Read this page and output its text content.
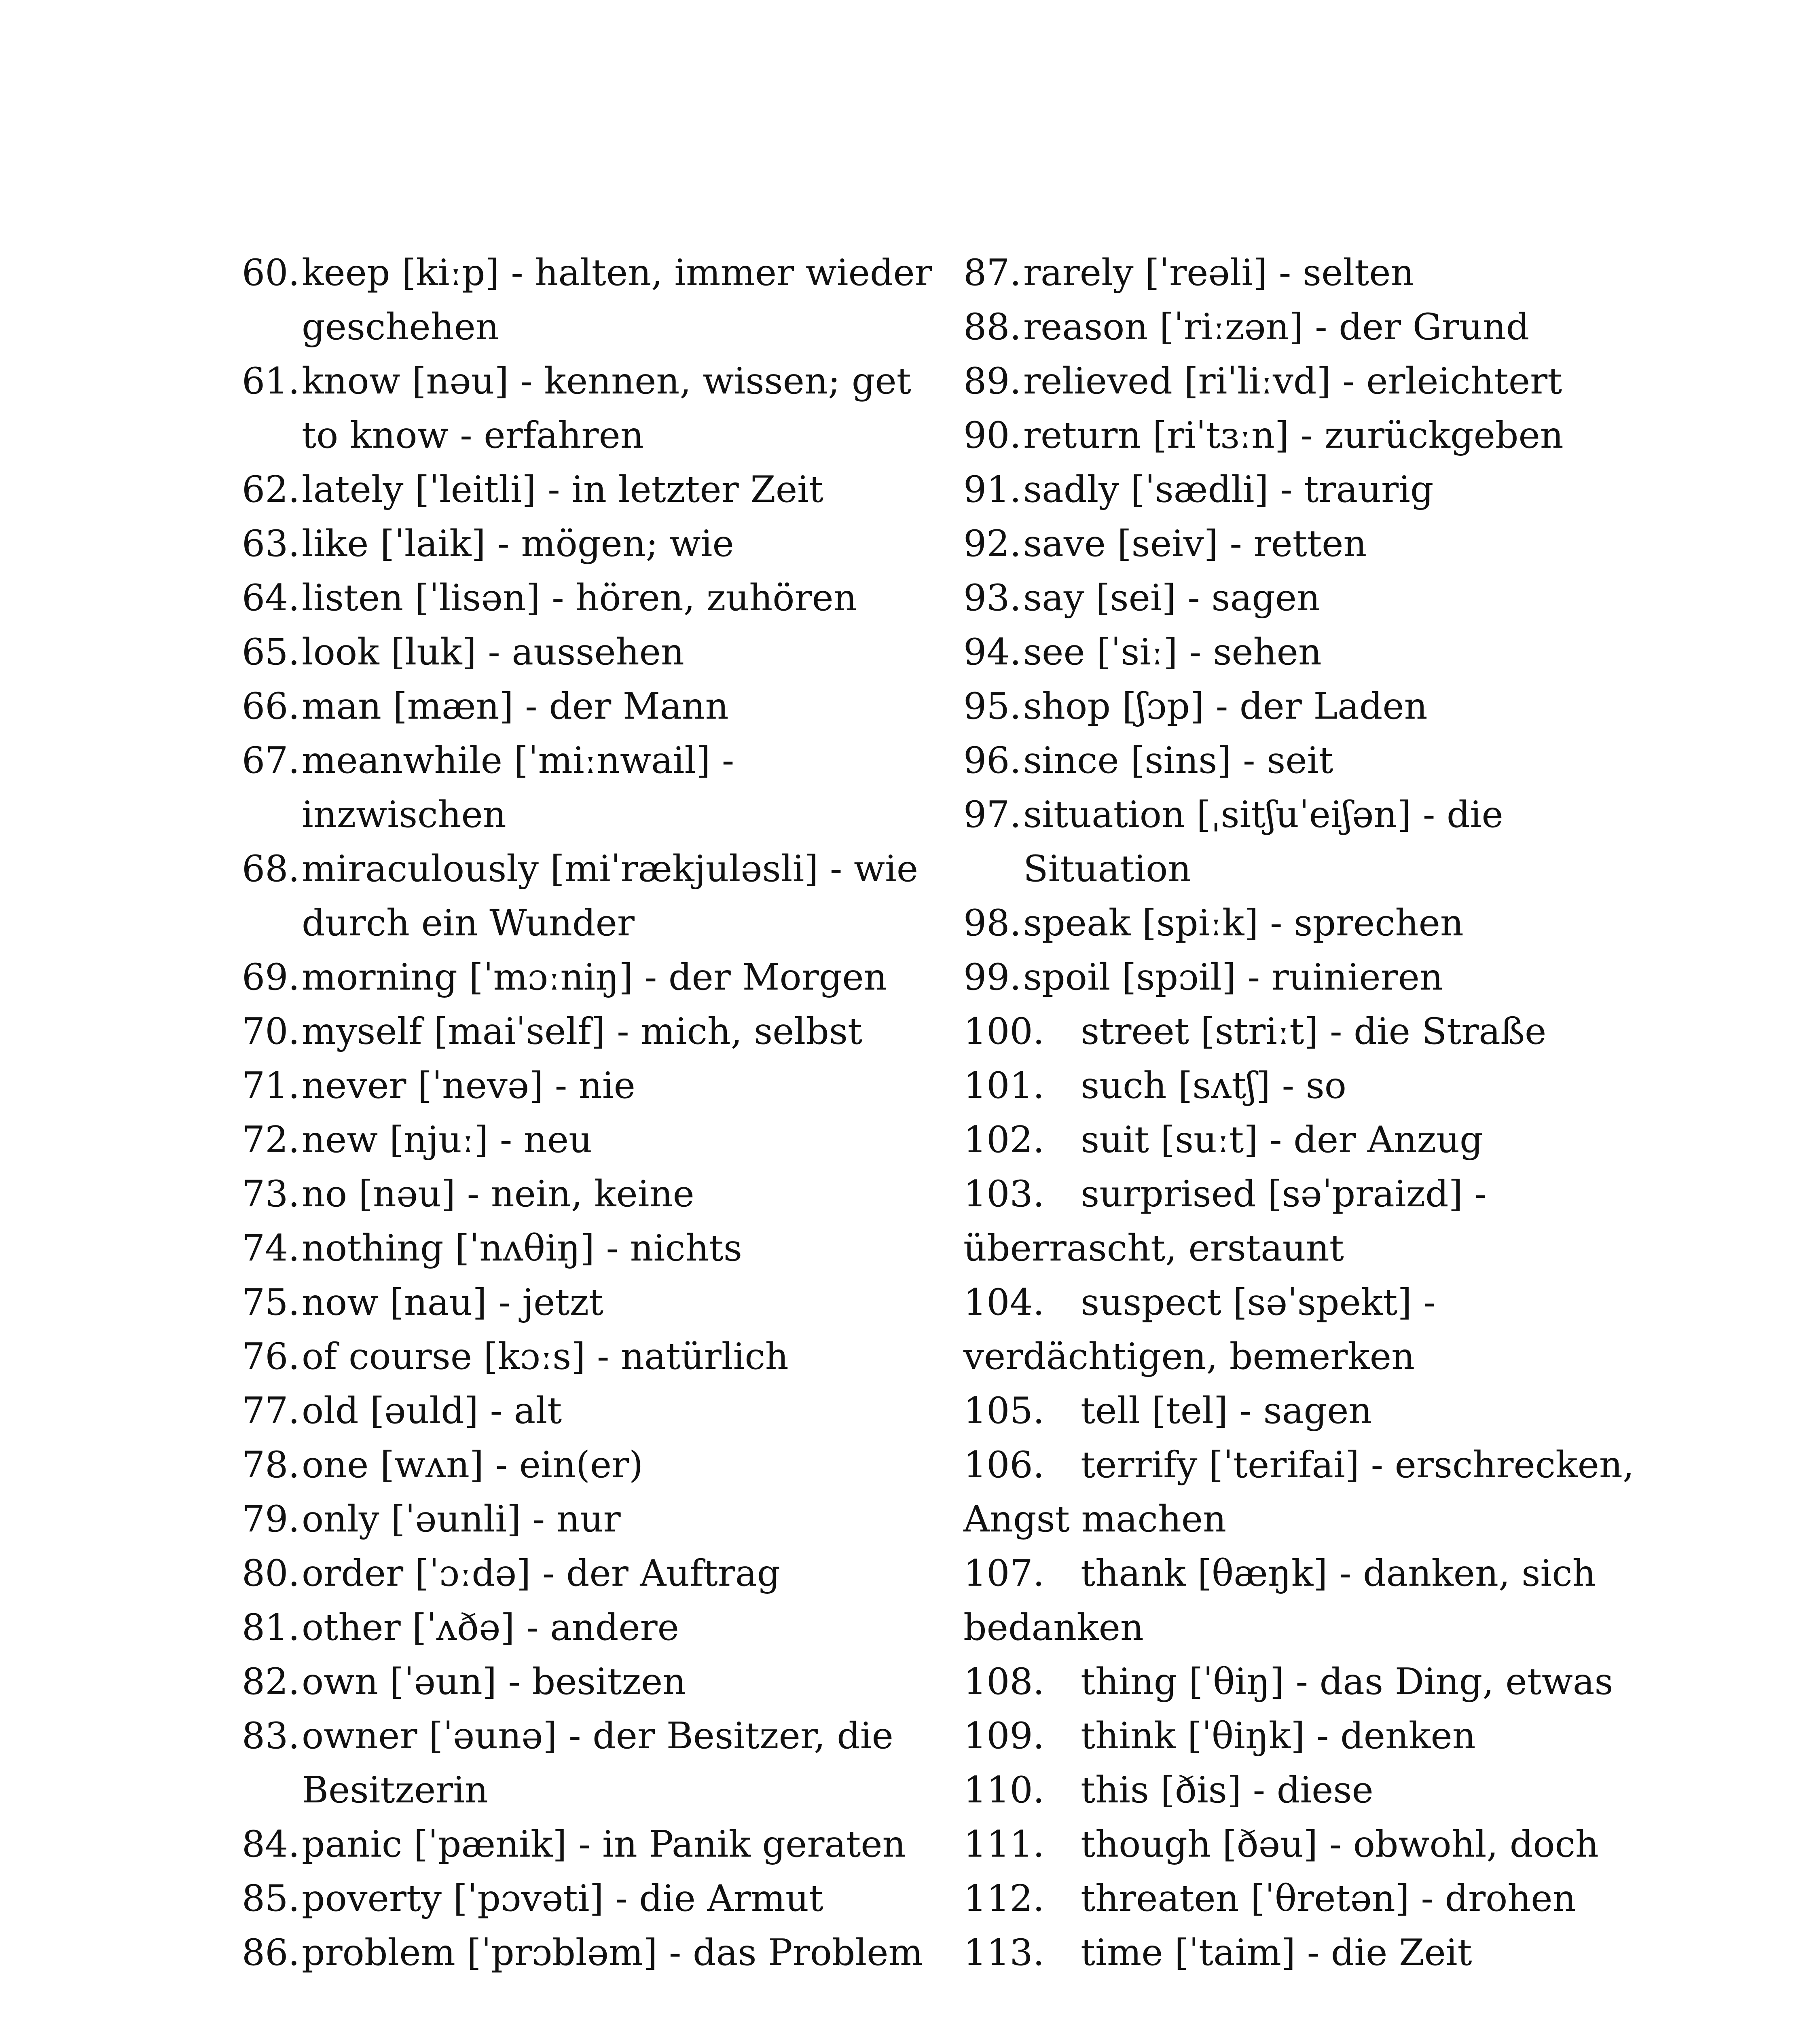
60. keep [kiːp] - halten, immer wieder geschehen
61. know [nəu] - kennen, wissen; get to know - erfahren
62. lately [ˈleitli] - in letzter Zeit
63. like [ˈlaik] - mögen; wie
64. listen [ˈlisən] - hören, zuhören
65. look [luk] - aussehen
66. man [mæn] - der Mann
67. meanwhile [ˈmiːnwail] - inzwischen
68. miraculously [miˈrækjuləsli] - wie durch ein Wunder
69. morning [ˈmɔːniŋ] - der Morgen
70. myself [maiˈself] - mich, selbst
71. never [ˈnevə] - nie
72. new [njuː] - neu
73. no [nəu] - nein, keine
74. nothing [ˈnʌθiŋ] - nichts
75. now [nau] - jetzt
76. of course [kɔːs] - natürlich
77. old [əuld] - alt
78. one [wʌn] - ein(er)
79. only [ˈəunli] - nur
80. order [ˈɔːdə] - der Auftrag
81. other [ˈʌðə] - andere
82. own [ˈəun] - besitzen
83. owner [ˈəunə] - der Besitzer, die Besitzerin
84. panic [ˈpænik] - in Panik geraten
85. poverty [ˈpɔvəti] - die Armut
86. problem [ˈprɔbləm] - das Problem
87. rarely [ˈreəli] - selten
88. reason [ˈriːzən] - der Grund
89. relieved [riˈliːvd] - erleichtert
90. return [riˈtɜːn] - zurückgeben
91. sadly [ˈsædli] - traurig
92. save [seiv] - retten
93. say [sei] - sagen
94. see [ˈsiː] - sehen
95. shop [ʃɔp] - der Laden
96. since [sins] - seit
97. situation [ˌsitʃuˈeiʃən] - die Situation
98. speak [spiːk] - sprechen
99. spoil [spɔil] - ruinieren
100. street [striːt] - die Straße
101. such [sʌtʃ] - so
102. suit [suːt] - der Anzug
103. surprised [səˈpraizd] - überrascht, erstaunt
104. suspect [səˈspekt] - verdächtigen, bemerken
105. tell [tel] - sagen
106. terrify [ˈterifai] - erschrecken, Angst machen
107. thank [θæŋk] - danken, sich bedanken
108. thing [ˈθiŋ] - das Ding, etwas
109. think [ˈθiŋk] - denken
110. this [ðis] - diese
111. though [ðəu] - obwohl, doch
112. threaten [ˈθretən] - drohen
113. time [ˈtaim] - die Zeit
